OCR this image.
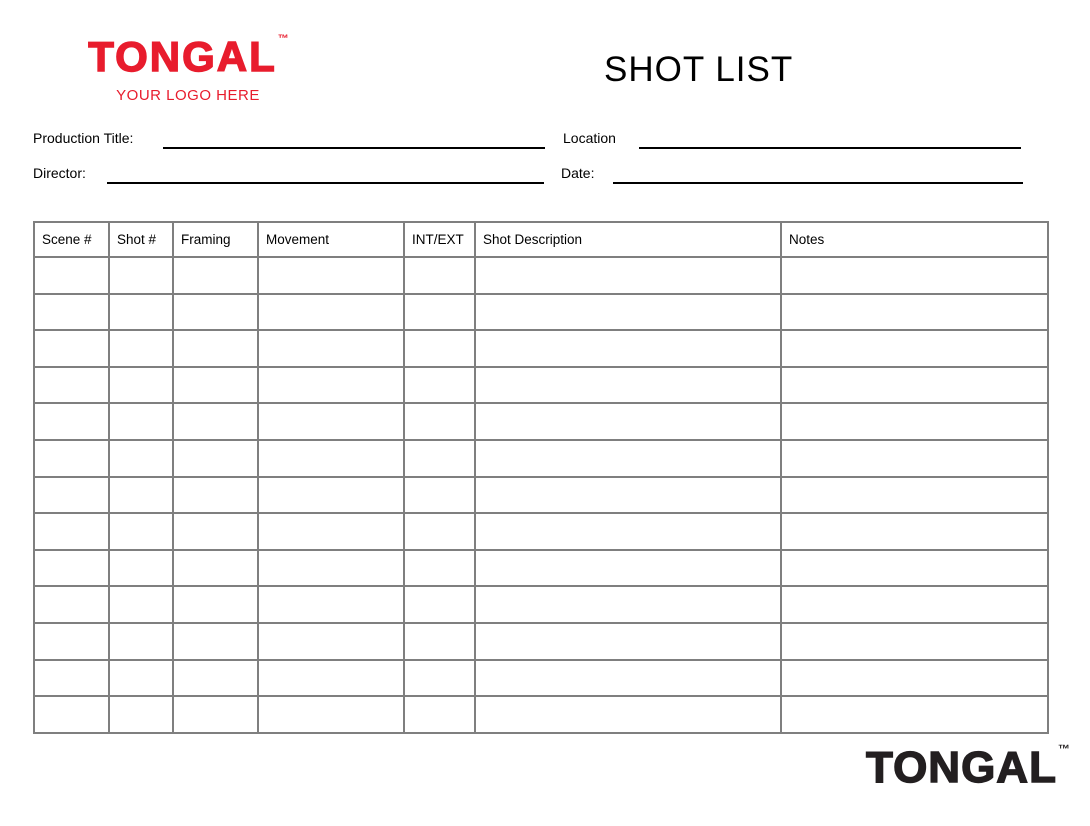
TONGAL™
YOUR LOGO HERE
SHOT LIST
Production Title:	Location
Director:	Date:
Scene #	Shot #	Framing	Movement	INT/EXT	Shot Description	Notes

TONGAL™
